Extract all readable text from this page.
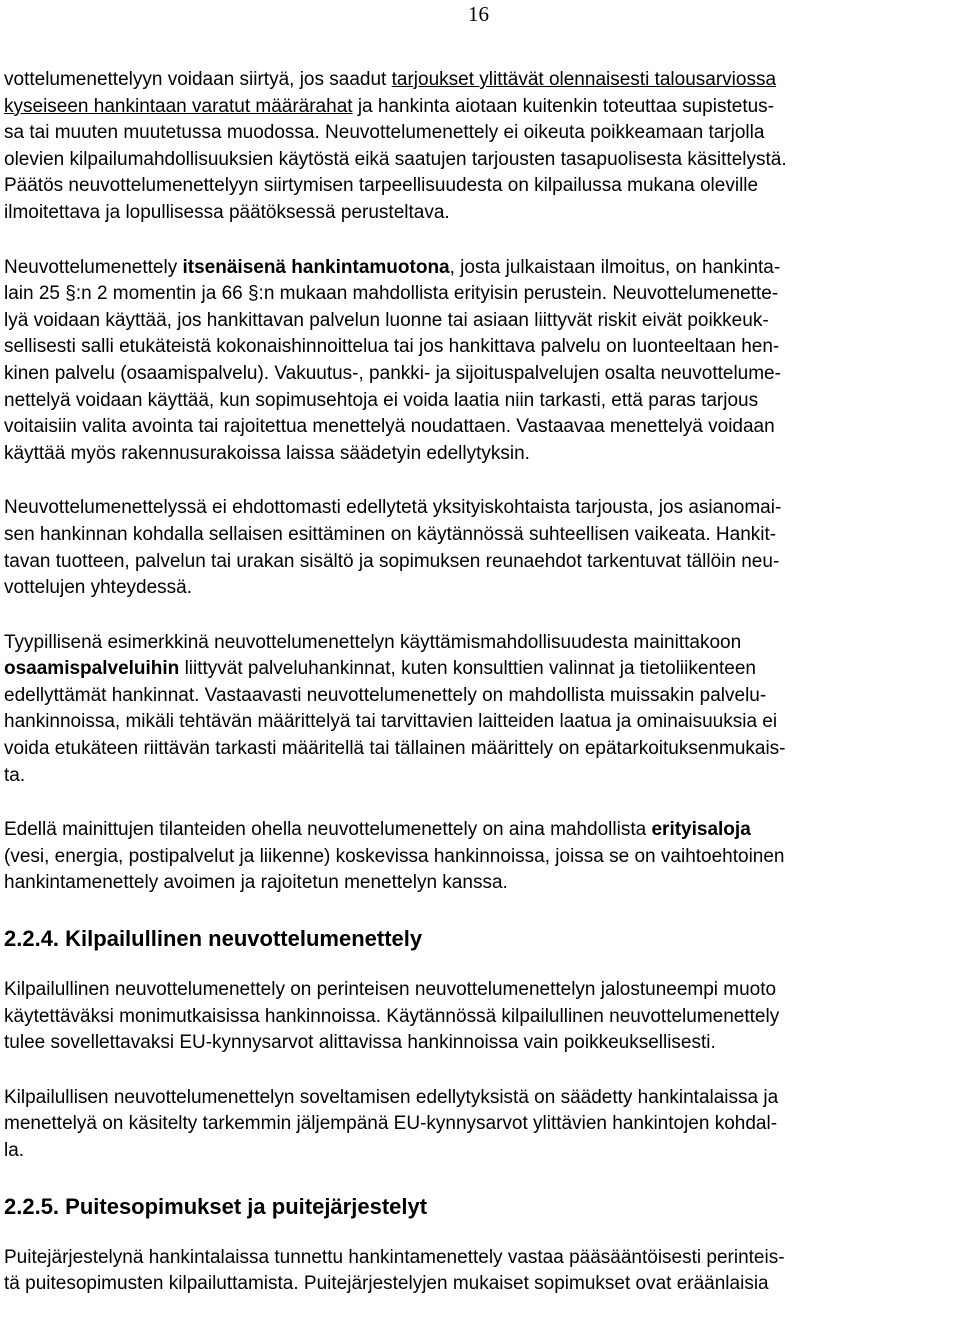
16

vottelumenettelyyn voidaan siirtyä, jos saadut tarjoukset ylittävät olennaisesti talousarviossa
kyseiseen hankintaan varatut määrärahat ja hankinta aiotaan kuitenkin toteuttaa supistetus-
sa tai muuten muutetussa muodossa. Neuvottelumenettely ei oikeuta poikkeamaan tarjolla
olevien kilpailumahdollisuuksien käytöstä eikä saatujen tarjousten tasapuolisesta käsittelystä.
Päätös neuvottelumenettelyyn siirtymisen tarpeellisuudesta on kilpailussa mukana oleville
ilmoitettava ja lopullisessa päätöksessä perusteltava.

Neuvottelumenettely itsenäisenä hankintamuotona, josta julkaistaan ilmoitus, on hankinta-
lain 25 §:n 2 momentin ja 66 §:n mukaan mahdollista erityisin perustein. Neuvottelumenette-
lyä voidaan käyttää, jos hankittavan palvelun luonne tai asiaan liittyvät riskit eivät poikkeuk-
sellisesti salli etukäteistä kokonaishinnoittelua tai jos hankittava palvelu on luonteeltaan hen-
kinen palvelu (osaamispalvelu). Vakuutus-, pankki- ja sijoituspalvelujen osalta neuvottelume-
nettelyä voidaan käyttää, kun sopimusehtoja ei voida laatia niin tarkasti, että paras tarjous
voitaisiin valita avointa tai rajoitettua menettelyä noudattaen. Vastaavaa menettelyä voidaan
käyttää myös rakennusurakoissa laissa säädetyin edellytyksin.

Neuvottelumenettelyssä ei ehdottomasti edellytetä yksityiskohtaista tarjousta, jos asianomai-
sen hankinnan kohdalla sellaisen esittäminen on käytännössä suhteellisen vaikeata. Hankit-
tavan tuotteen, palvelun tai urakan sisältö ja sopimuksen reunaehdot tarkentuvat tällöin neu-
vottelujen yhteydessä.

Tyypillisenä esimerkkinä neuvottelumenettelyn käyttämismahdollisuudesta mainittakoon
osaamispalveluihin liittyvät palveluhankinnat, kuten konsulttien valinnat ja tietoliikenteen
edellyttämät hankinnat. Vastaavasti neuvottelumenettely on mahdollista muissakin palvelu-
hankinnoissa, mikäli tehtävän määrittelyä tai tarvittavien laitteiden laatua ja ominaisuuksia ei
voida etukäteen riittävän tarkasti määritellä tai tällainen määrittely on epätarkoituksenmukais-
ta.

Edellä mainittujen tilanteiden ohella neuvottelumenettely on aina mahdollista erityisaloja
(vesi, energia, postipalvelut ja liikenne) koskevissa hankinnoissa, joissa se on vaihtoehtoinen
hankintamenettely avoimen ja rajoitetun menettelyn kanssa.

2.2.4. Kilpailullinen neuvottelumenettely

Kilpailullinen neuvottelumenettely on perinteisen neuvottelumenettelyn jalostuneempi muoto
käytettäväksi monimutkaisissa hankinnoissa. Käytännössä kilpailullinen neuvottelumenettely
tulee sovellettavaksi EU-kynnysarvot alittavissa hankinnoissa vain poikkeuksellisesti.

Kilpailullisen neuvottelumenettelyn soveltamisen edellytyksistä on säädetty hankintalaissa ja
menettelyä on käsitelty tarkemmin jäljempänä EU-kynnysarvot ylittävien hankintojen kohdal-
la.

2.2.5. Puitesopimukset ja puitejärjestelyt

Puitejärjestelynä hankintalaissa tunnettu hankintamenettely vastaa pääsääntöisesti perinteis-
tä puitesopimusten kilpailuttamista. Puitejärjestelyjen mukaiset sopimukset ovat eräänlaisia
